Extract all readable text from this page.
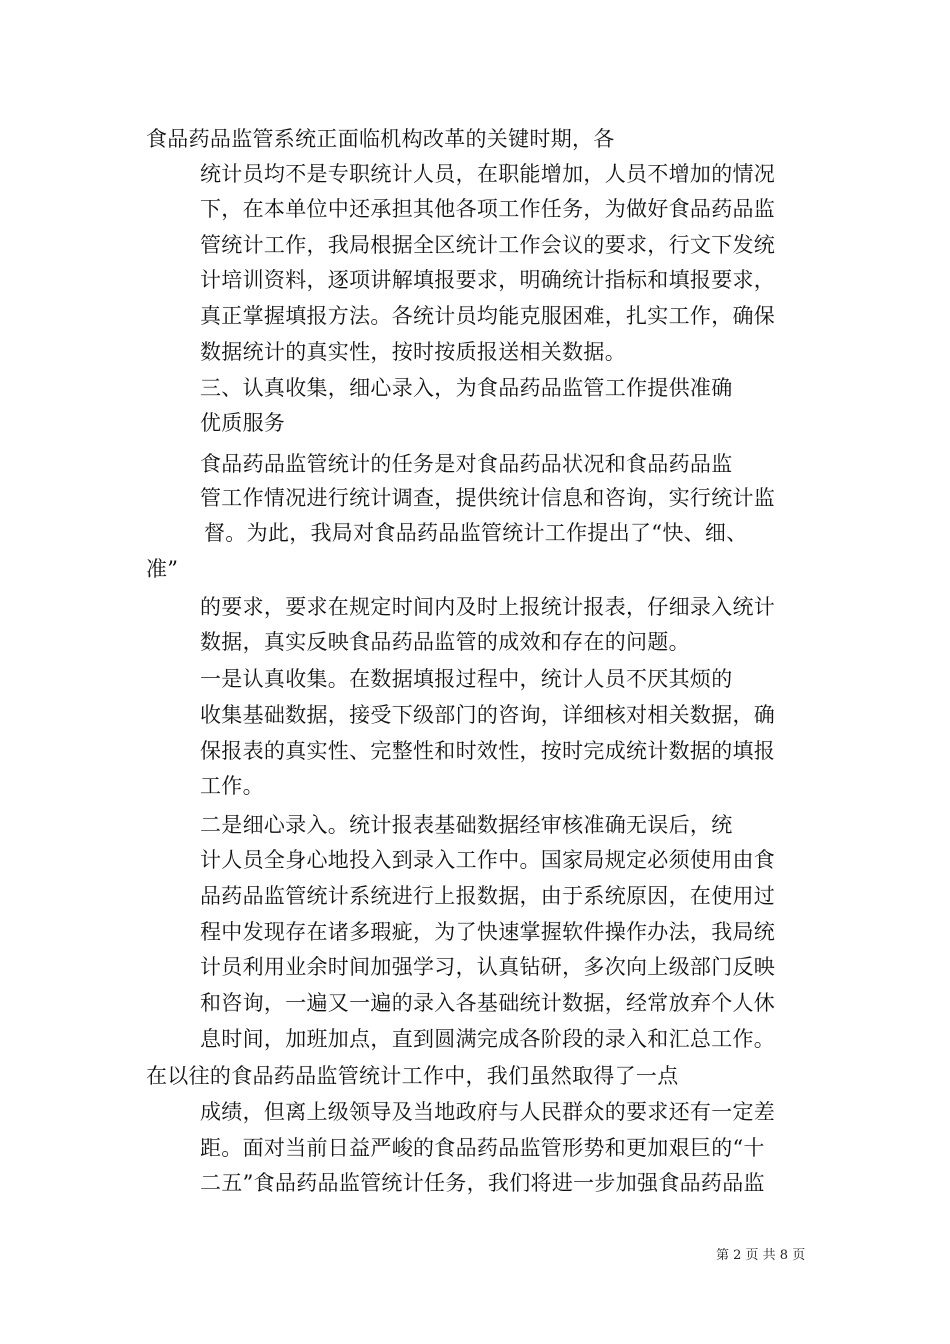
食品药品监管系统正面临机构改革的关键时期，各
统计员均不是专职统计人员，在职能增加，人员不增加的情况
下，在本单位中还承担其他各项工作任务，为做好食品药品监
管统计工作，我局根据全区统计工作会议的要求，行文下发统
计培训资料，逐项讲解填报要求，明确统计指标和填报要求，
真正掌握填报方法。各统计员均能克服困难，扎实工作，确保
数据统计的真实性，按时按质报送相关数据。
三、认真收集，细心录入，为食品药品监管工作提供准确
优质服务
食品药品监管统计的任务是对食品药品状况和食品药品监
管工作情况进行统计调查，提供统计信息和咨询，实行统计监
督。为此，我局对食品药品监管统计工作提出了“快、细、
准”
的要求，要求在规定时间内及时上报统计报表，仔细录入统计
数据，真实反映食品药品监管的成效和存在的问题。
一是认真收集。在数据填报过程中，统计人员不厌其烦的
收集基础数据，接受下级部门的咨询，详细核对相关数据，确
保报表的真实性、完整性和时效性，按时完成统计数据的填报
工作。
二是细心录入。统计报表基础数据经审核准确无误后，统
计人员全身心地投入到录入工作中。国家局规定必须使用由食
品药品监管统计系统进行上报数据，由于系统原因，在使用过
程中发现存在诸多瑕疵，为了快速掌握软件操作办法，我局统
计员利用业余时间加强学习，认真钻研，多次向上级部门反映
和咨询，一遍又一遍的录入各基础统计数据，经常放弃个人休
息时间，加班加点，直到圆满完成各阶段的录入和汇总工作。
在以往的食品药品监管统计工作中，我们虽然取得了一点
成绩，但离上级领导及当地政府与人民群众的要求还有一定差
距。面对当前日益严峻的食品药品监管形势和更加艰巨的“十
二五”食品药品监管统计任务，我们将进一步加强食品药品监
第 2 页 共 8 页
